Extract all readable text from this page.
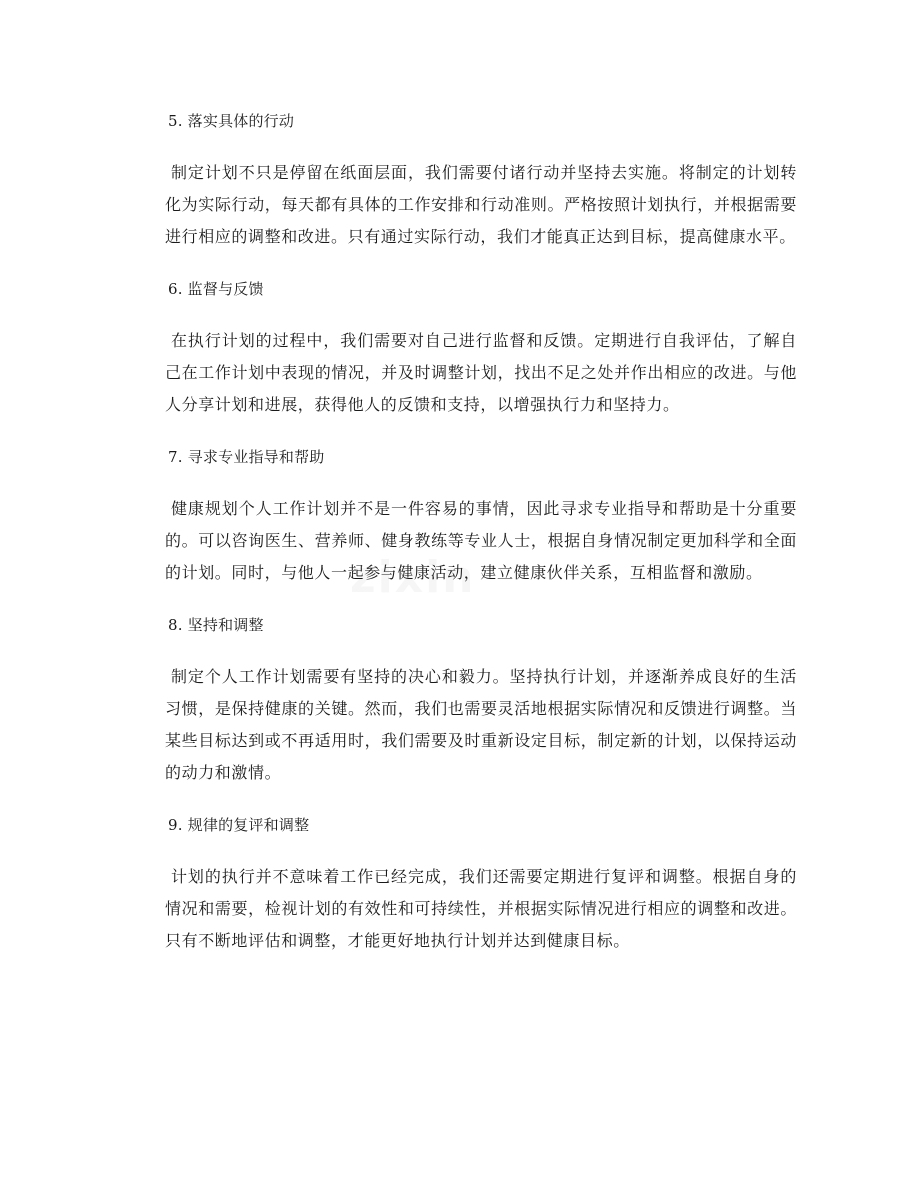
5. 落实具体的行动
制定计划不只是停留在纸面层面，我们需要付诸行动并坚持去实施。将制定的计划转化为实际行动，每天都有具体的工作安排和行动准则。严格按照计划执行，并根据需要进行相应的调整和改进。只有通过实际行动，我们才能真正达到目标，提高健康水平。
6. 监督与反馈
在执行计划的过程中，我们需要对自己进行监督和反馈。定期进行自我评估，了解自己在工作计划中表现的情况，并及时调整计划，找出不足之处并作出相应的改进。与他人分享计划和进展，获得他人的反馈和支持，以增强执行力和坚持力。
7. 寻求专业指导和帮助
健康规划个人工作计划并不是一件容易的事情，因此寻求专业指导和帮助是十分重要的。可以咨询医生、营养师、健身教练等专业人士，根据自身情况制定更加科学和全面的计划。同时，与他人一起参与健康活动，建立健康伙伴关系，互相监督和激励。
8. 坚持和调整
制定个人工作计划需要有坚持的决心和毅力。坚持执行计划，并逐渐养成良好的生活习惯，是保持健康的关键。然而，我们也需要灵活地根据实际情况和反馈进行调整。当某些目标达到或不再适用时，我们需要及时重新设定目标，制定新的计划，以保持运动的动力和激情。
9. 规律的复评和调整
计划的执行并不意味着工作已经完成，我们还需要定期进行复评和调整。根据自身的情况和需要，检视计划的有效性和可持续性，并根据实际情况进行相应的调整和改进。只有不断地评估和调整，才能更好地执行计划并达到健康目标。
